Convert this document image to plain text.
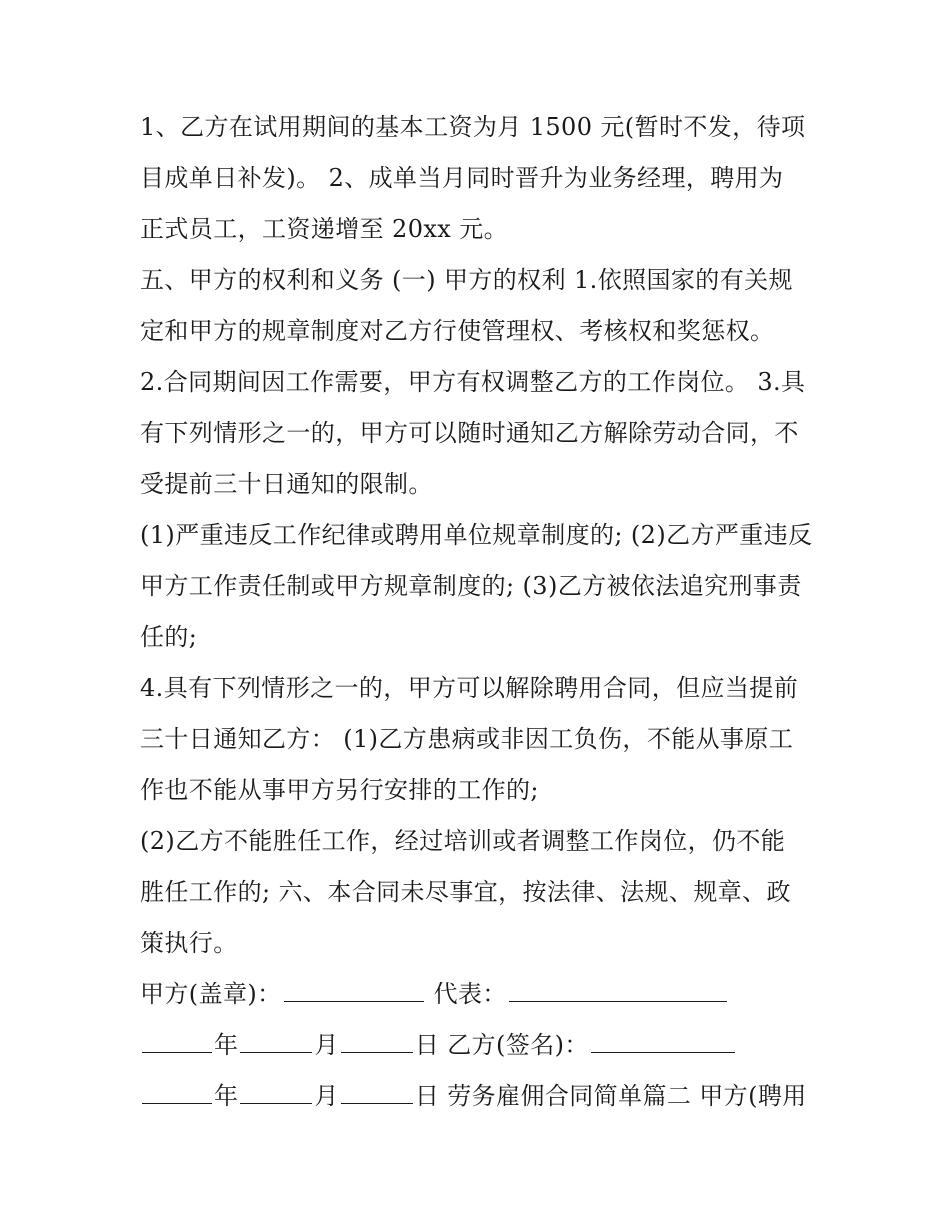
1、乙方在试用期间的基本工资为月 1500 元(暂时不发，待项
目成单日补发)。 2、成单当月同时晋升为业务经理，聘用为
正式员工，工资递增至 20xx 元。
五、甲方的权利和义务 (一) 甲方的权利 1.依照国家的有关规
定和甲方的规章制度对乙方行使管理权、考核权和奖惩权。
2.合同期间因工作需要，甲方有权调整乙方的工作岗位。 3.具
有下列情形之一的，甲方可以随时通知乙方解除劳动合同，不
受提前三十日通知的限制。
(1)严重违反工作纪律或聘用单位规章制度的; (2)乙方严重违反
甲方工作责任制或甲方规章制度的; (3)乙方被依法追究刑事责
任的;
4.具有下列情形之一的，甲方可以解除聘用合同，但应当提前
三十日通知乙方： (1)乙方患病或非因工负伤，不能从事原工
作也不能从事甲方另行安排的工作的;
(2)乙方不能胜任工作，经过培训或者调整工作岗位，仍不能
胜任工作的; 六、本合同未尽事宜，按法律、法规、规章、政
策执行。
甲方(盖章)：	代表：
年	月	日 乙方(签名)：
年	月	日 劳务雇佣合同简单篇二 甲方(聘用
